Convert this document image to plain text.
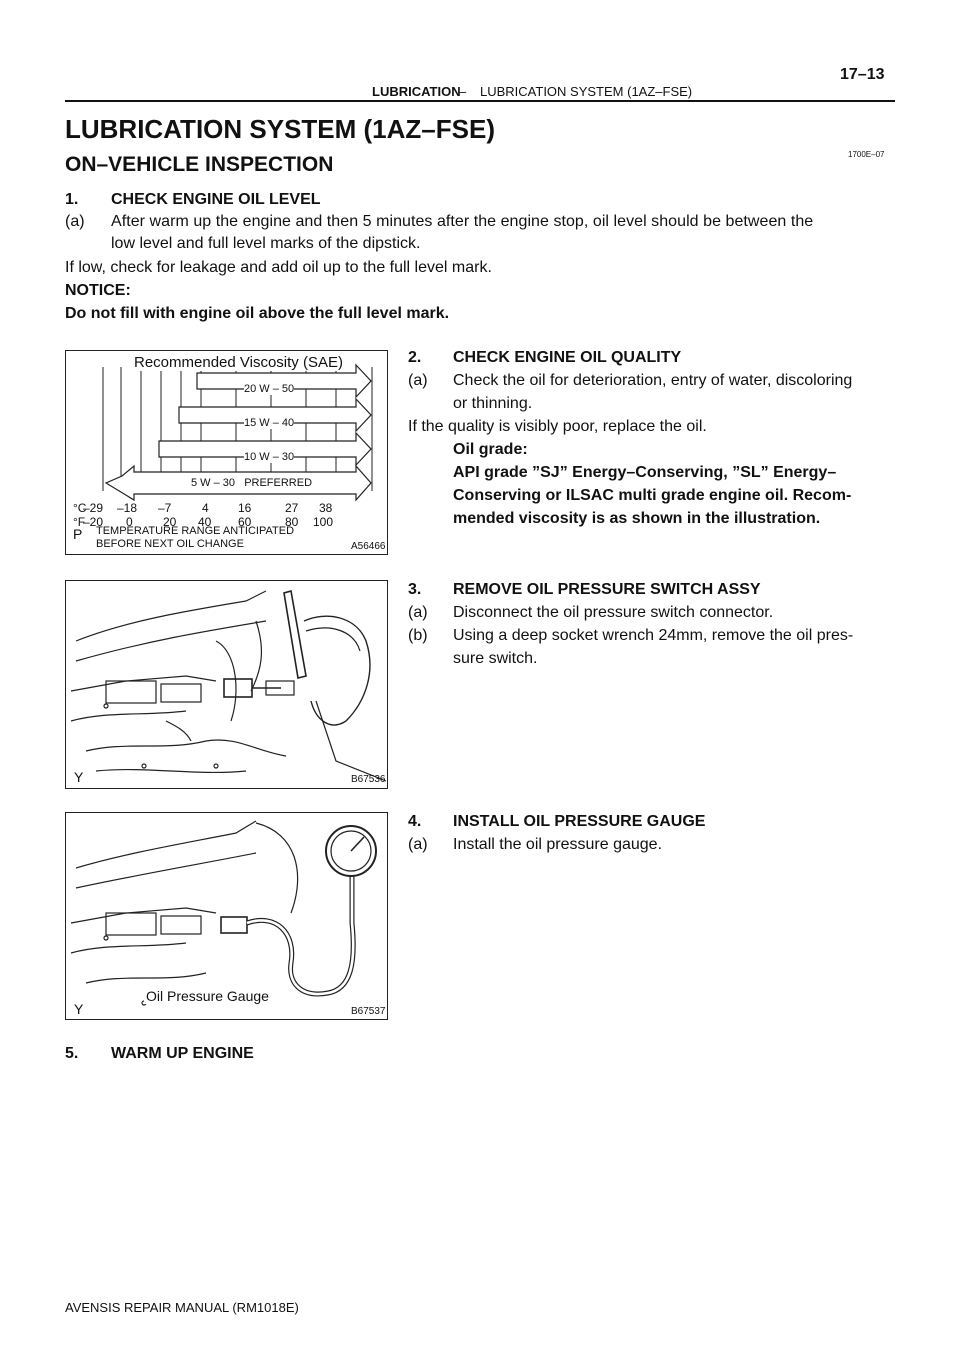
17–13
LUBRICATION
– LUBRICATION SYSTEM (1AZ–FSE)
LUBRICATION SYSTEM (1AZ–FSE)
1700E–07
ON–VEHICLE INSPECTION
1. CHECK ENGINE OIL LEVEL
(a) After warm up the engine and then 5 minutes after the engine stop, oil level should be between the
low level and full level marks of the dipstick.
If low, check for leakage and add oil up to the full level mark.
NOTICE:
Do not fill with engine oil above the full level mark.
Recommended Viscosity (SAE)
20 W – 50
15 W – 40
10 W – 30
5 W – 30   PREFERRED
°C
°F
–29 –18 –7	4 16	27 38
–20 0	20 40 60	80 100
P TEMPERATURE RANGE ANTICIPATED
BEFORE NEXT OIL CHANGE	A56466
2. CHECK ENGINE OIL QUALITY
(a) Check the oil for deterioration, entry of water, discoloring
or thinning.
If the quality is visibly poor, replace the oil.
Oil grade:
API grade ”SJ” Energy–Conserving, ”SL” Energy–
Conserving or ILSAC multi grade engine oil. Recom-
mended viscosity is as shown in the illustration.
Y	B67536
3. REMOVE OIL PRESSURE SWITCH ASSY
(a) Disconnect the oil pressure switch connector.
(b) Using a deep socket wrench 24mm, remove the oil pres-
sure switch.
Oil Pressure Gauge
Y	B67537
4. INSTALL OIL PRESSURE GAUGE
(a) Install the oil pressure gauge.
5. WARM UP ENGINE
AVENSIS REPAIR MANUAL (RM1018E)
